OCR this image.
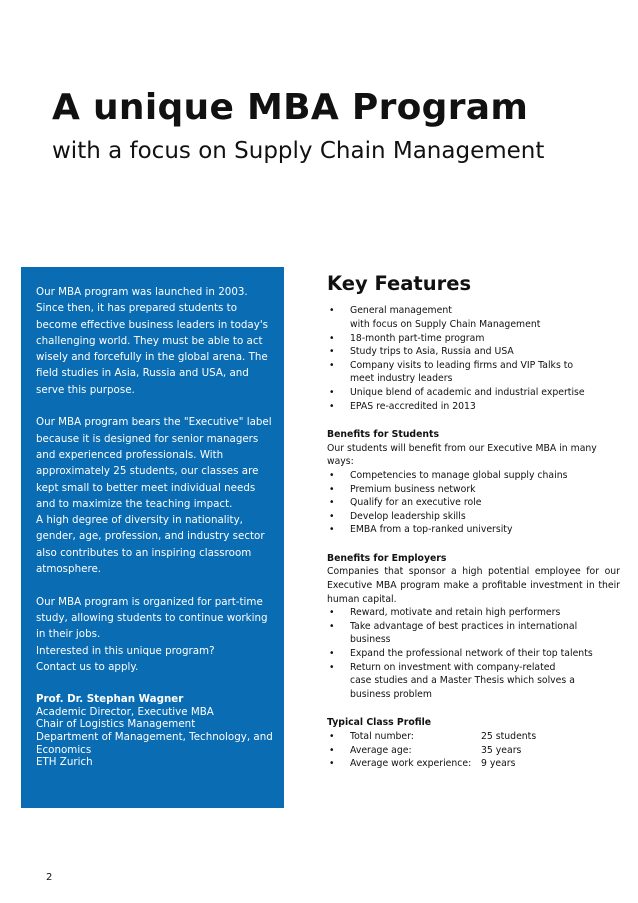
A unique MBA Program
with a focus on Supply Chain Management

Our MBA program was launched in 2003.
Since then, it has prepared students to
become effective business leaders in today's
challenging world. They must be able to act
wisely and forcefully in the global arena. The
field studies in Asia, Russia and USA, and
serve this purpose.

Our MBA program bears the "Executive" label
because it is designed for senior managers
and experienced professionals. With
approximately 25 students, our classes are
kept small to better meet individual needs
and to maximize the teaching impact.
A high degree of diversity in nationality,
gender, age, profession, and industry sector
also contributes to an inspiring classroom
atmosphere.

Our MBA program is organized for part-time
study, allowing students to continue working
in their jobs.
Interested in this unique program?
Contact us to apply.

Prof. Dr. Stephan Wagner
Academic Director, Executive MBA
Chair of Logistics Management
Department of Management, Technology, and
Economics
ETH Zurich
Key Features
• General management
with focus on Supply Chain Management
• 18-month part-time program
• Study trips to Asia, Russia and USA
• Company visits to leading firms and VIP Talks to
meet industry leaders
• Unique blend of academic and industrial expertise
• EPAS re-accredited in 2013
Benefits for Students

Our students will benefit from our Executive MBA in many ways:

• Competencies to manage global supply chains
• Premium business network
• Qualify for an executive role
• Develop leadership skills
• EMBA from a top-ranked university
Benefits for Employers

Companies that sponsor a high potential employee for our Executive MBA program make a profitable investment in their human capital.

• Reward, motivate and retain high performers
• Take advantage of best practices in international
business
• Expand the professional network of their top talents
• Return on investment with company-related
case studies and a Master Thesis which solves a
business problem
Typical Class Profile
• Total number:	25 students
• Average age:	35 years
• Average work experience:	9 years
2
